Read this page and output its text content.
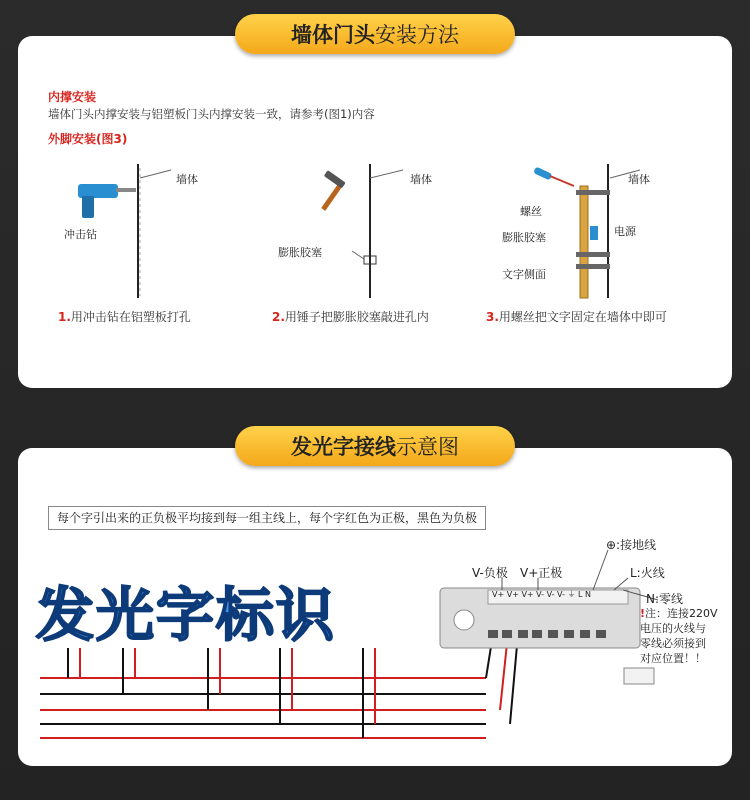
墙体门头 安装方法
内撑安装
墙体门头内撑安装与铝塑板门头内撑安装一致，请参考(图1)内容
外脚安装(图3)
墙体
冲击钻
1.用冲击钻在铝塑板打孔
墙体
膨胀胶塞
2.用锤子把膨胀胶塞敲进孔内
墙体
螺丝
膨胀胶塞	电源
文字侧面
3.用螺丝把文字固定在墙体中即可
发光字接线 示意图
每个字引出来的正负极平均接到每一组主线上，每个字红色为正极，黑色为负极
发光字标识	V+ V+ V+ V- V- V- ⏚ L N
⊕:接地线
V-负极 V+正极	L:火线
N:零线
!注：连接220V
电压的火线与
零线必须接到
对应位置！！
